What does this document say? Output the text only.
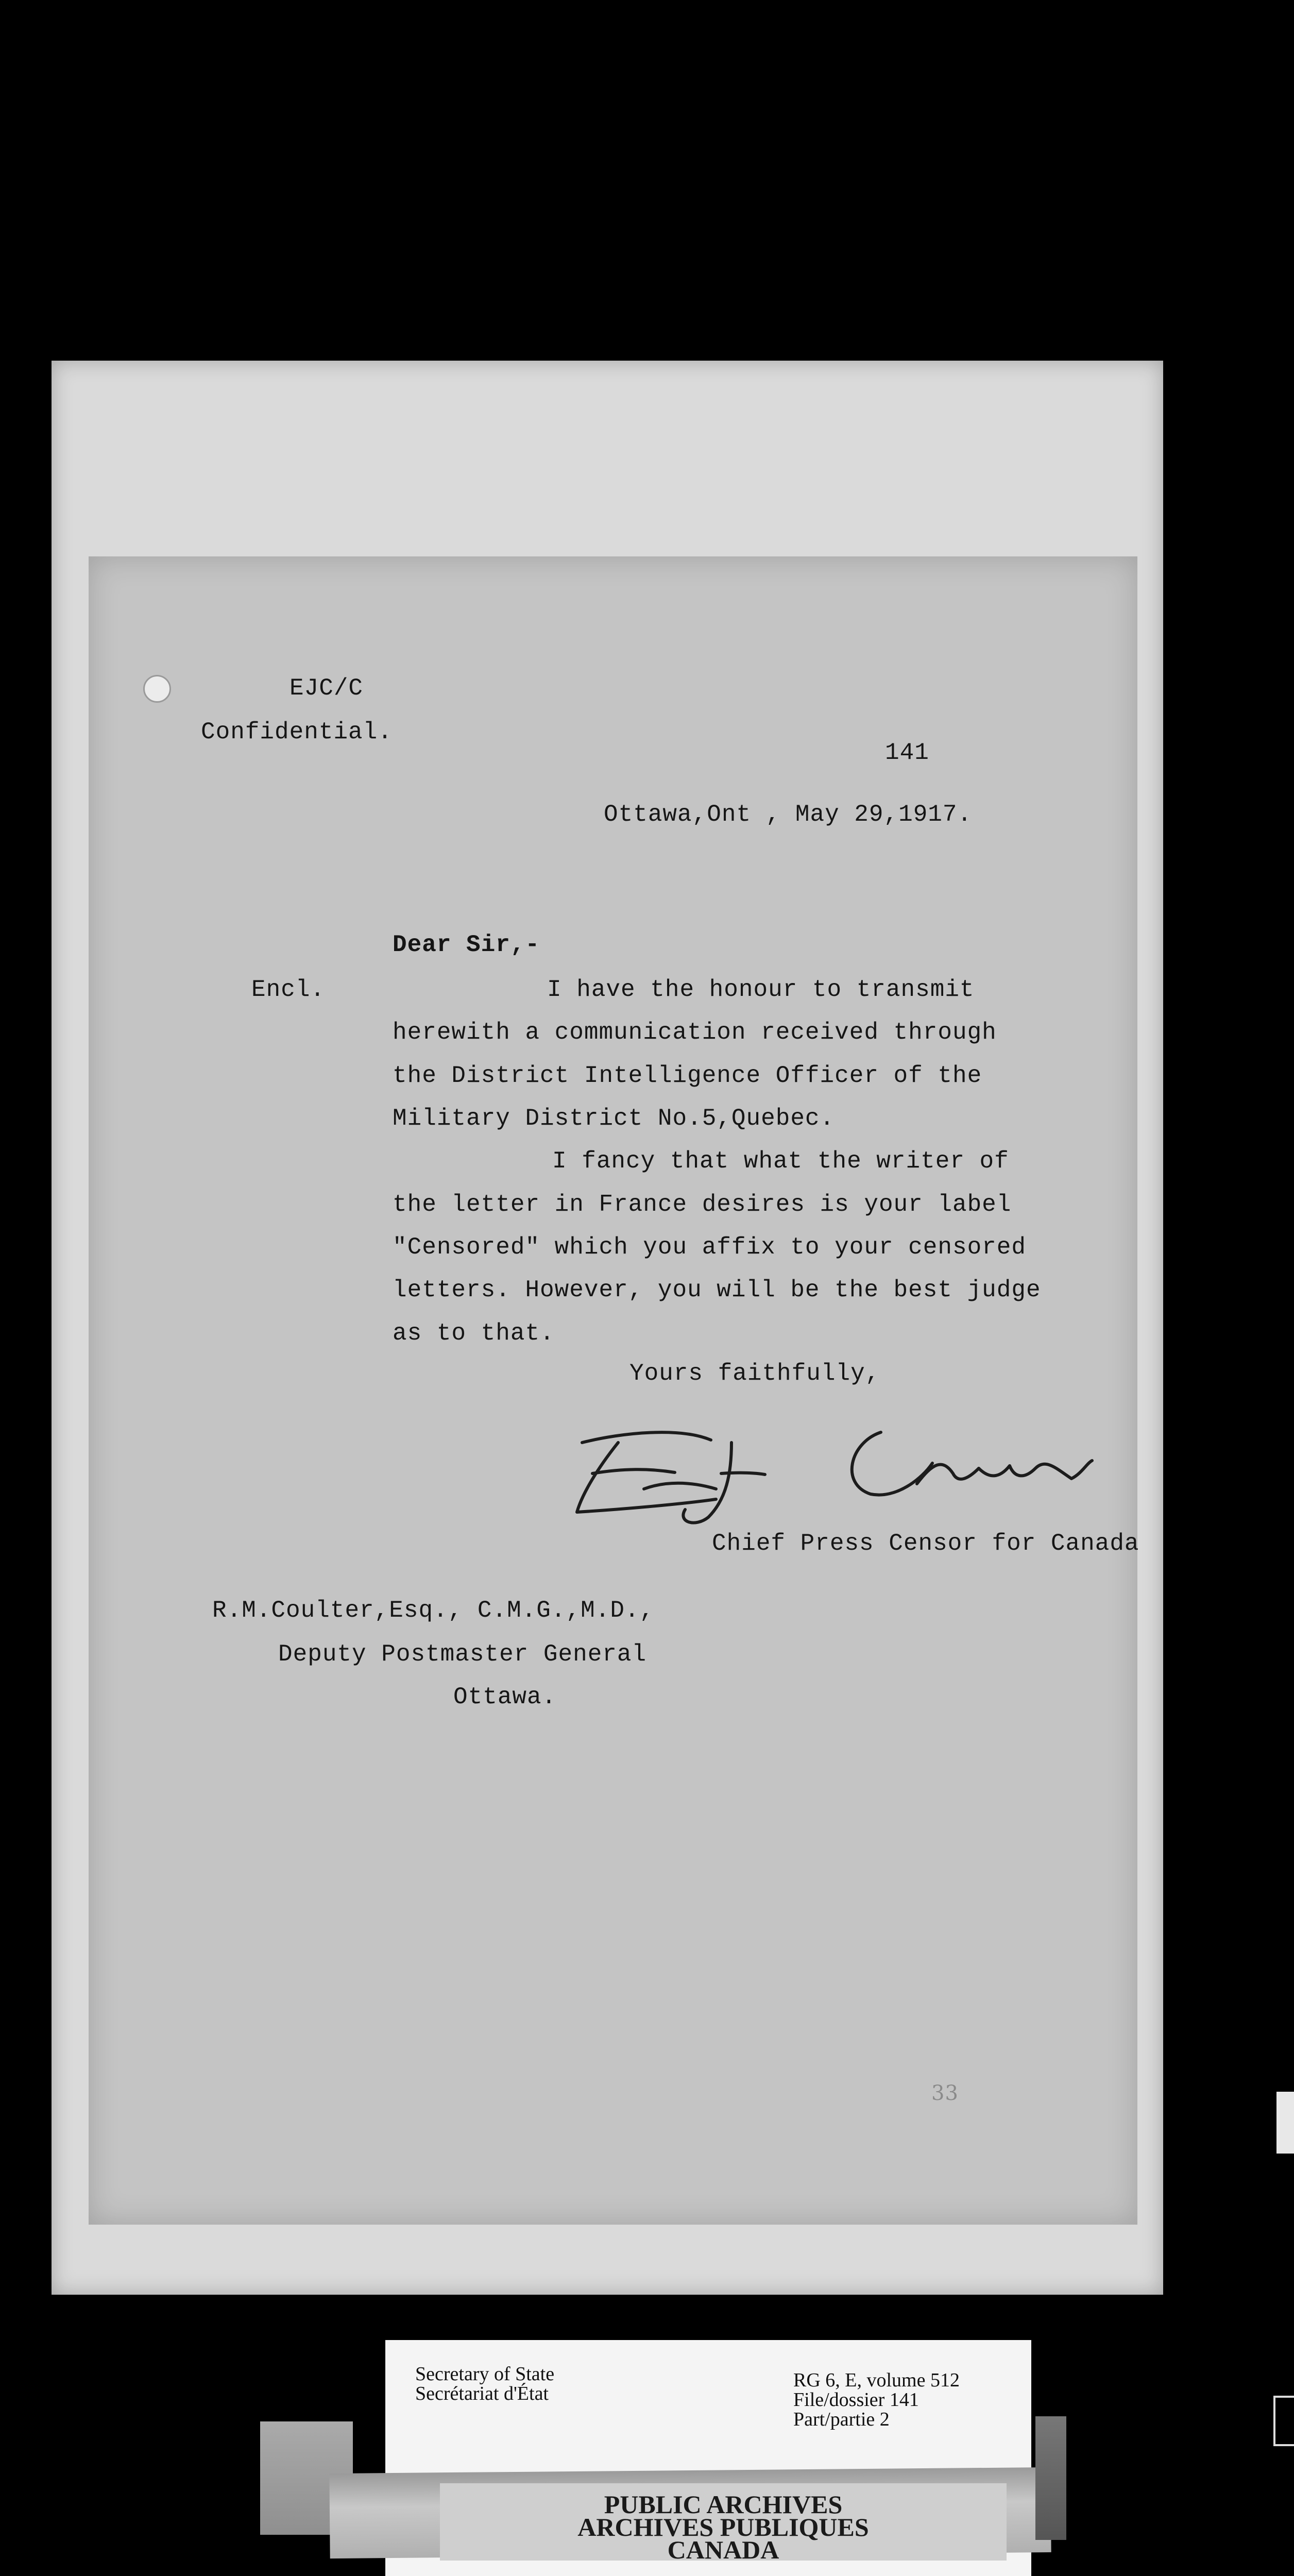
EJC/C
Confidential.
141
Ottawa,Ont , May 29,1917.
Dear Sir,-
Encl.	I have the honour to transmit
herewith a communication received through
the District Intelligence Officer of the
Military District No.5,Quebec.
I fancy that what the writer of
the letter in France desires is your label
"Censored" which you affix to your censored
letters. However, you will be the best judge
as to that.
Yours faithfully,
Chief Press Censor for Canada
R.M.Coulter,Esq., C.M.G.,M.D.,
Deputy Postmaster General
Ottawa.
33
Secretary of State
Secrétariat d'État
RG 6, E, volume 512
File/dossier 141
Part/partie 2
PUBLIC ARCHIVES
ARCHIVES PUBLIQUES
CANADA
